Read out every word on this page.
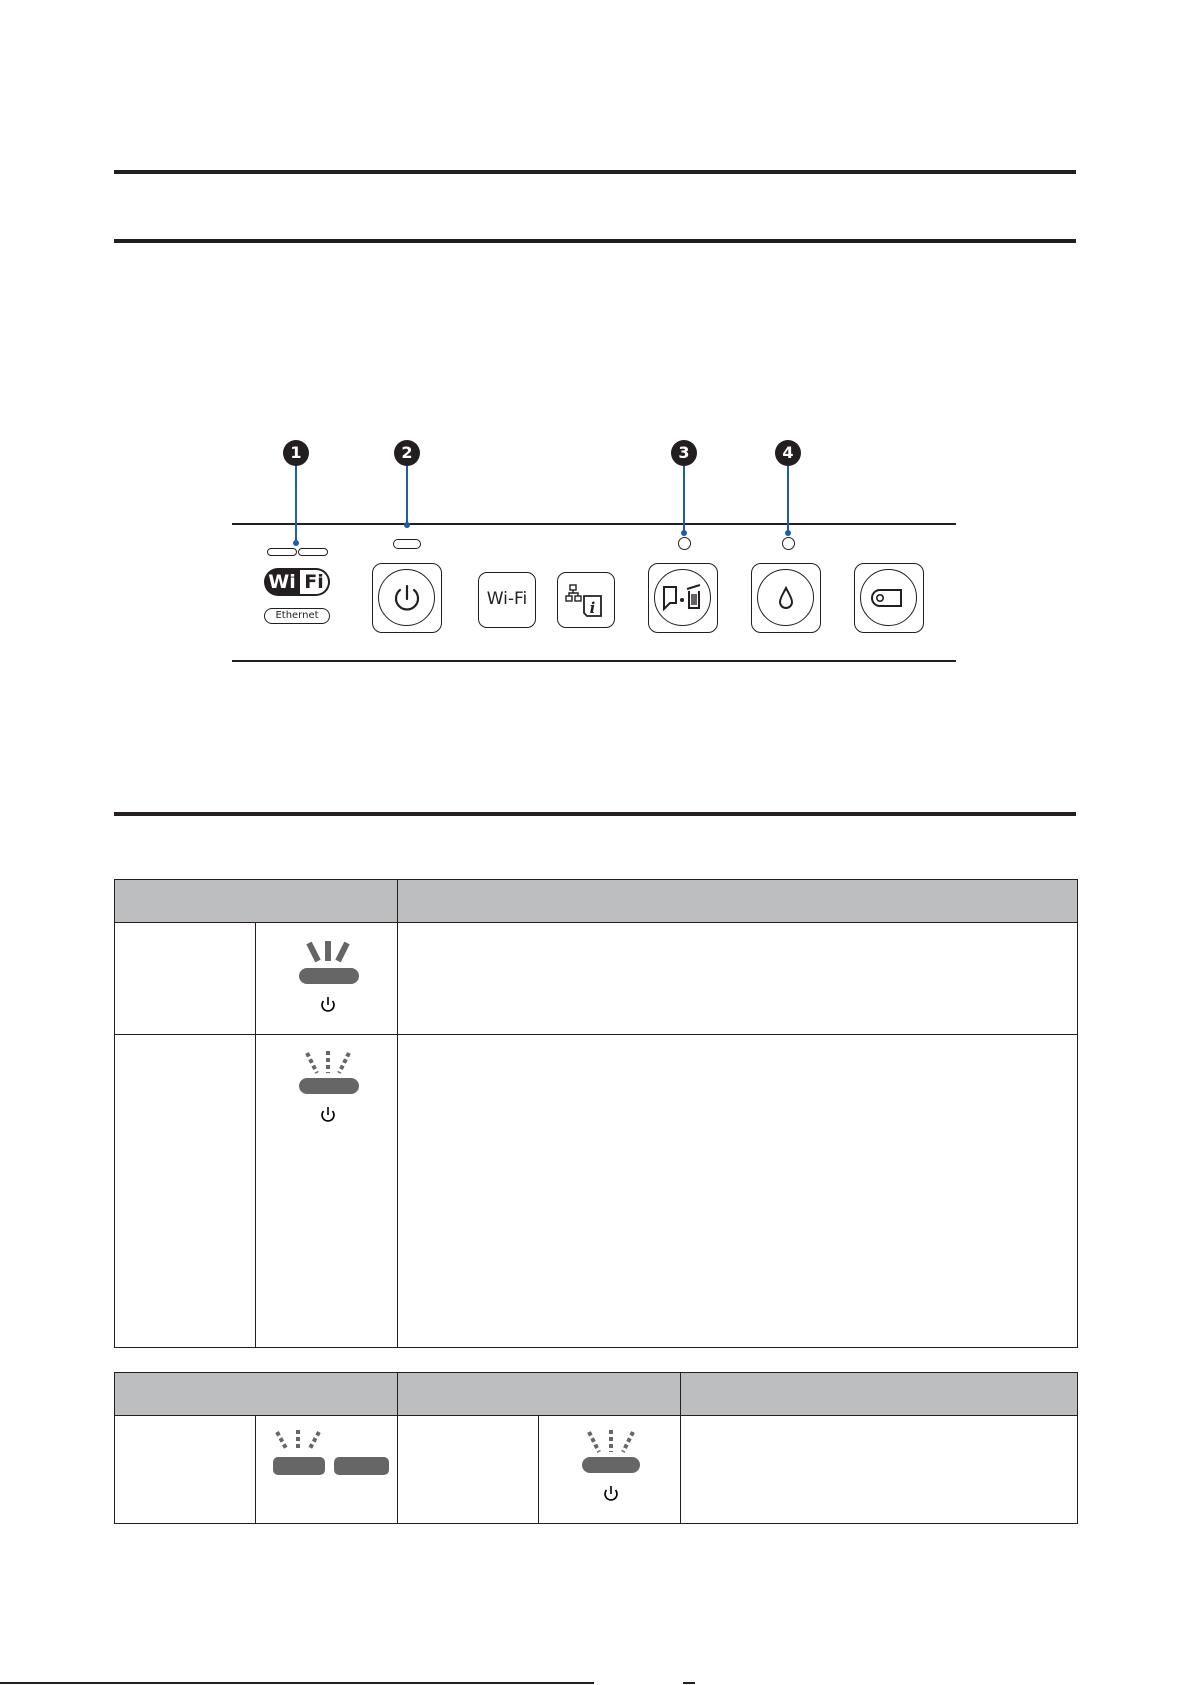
1	2	3	4
Wi Fi
Ethernet
Wi-Fi	i
